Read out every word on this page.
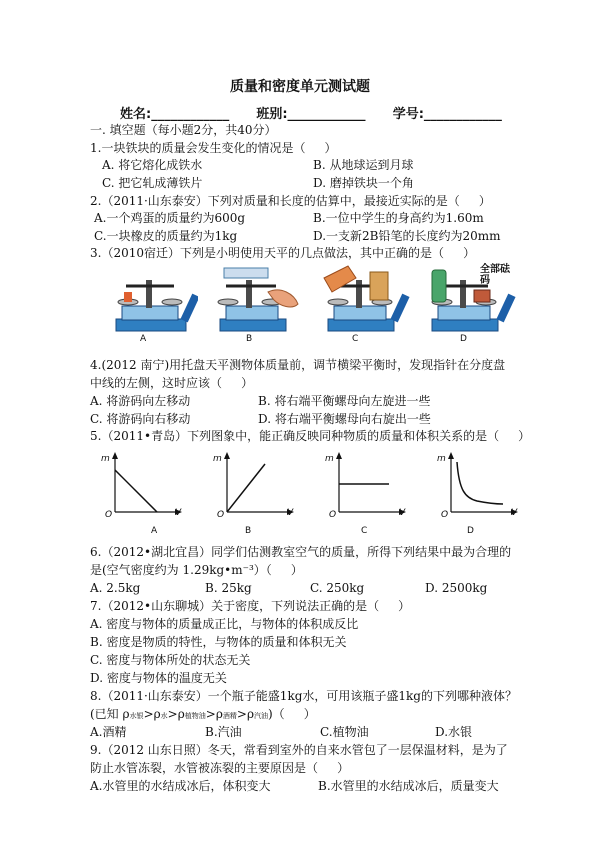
质量和密度单元测试题
姓名:____________ 班别:____________ 学号:____________
一. 填空题（每小题2分，共40分）
1.一块铁块的质量会发生变化的情况是（     ）
A. 将它熔化成铁水	B. 从地球运到月球
C. 把它轧成薄铁片	D. 磨掉铁块一个角
2.（2011·山东泰安）下列对质量和长度的估算中，最接近实际的是（     ）
A.一个鸡蛋的质量约为600g	B.一位中学生的身高约为1.60m
C.一块橡皮的质量约为1kg	D.一支新2B铅笔的长度约为20mm
3.（2010宿迁）下列是小明使用天平的几点做法，其中正确的是（     ）
A	B	C
全部砝码
D
4.(2012 南宁)用托盘天平测物体质量前，调节横梁平衡时，发现指针在分度盘
中线的左侧，这时应该（     ）
A. 将游码向左移动	B. 将右端平衡螺母向左旋进一些
C. 将游码向右移动	D. 将右端平衡螺母向右旋出一些
5.（2011•青岛）下列图象中，能正确反映同种物质的质量和体积关系的是（     ）
m
O	V
A
m
O	V
B
m
O	V
C
m
O	V
D
6.（2012•湖北宜昌）同学们估测教室空气的质量，所得下列结果中最为合理的
是(空气密度约为 1.29kg•m⁻³）（     ）
A. 2.5kg	B. 25kg	C. 250kg	D. 2500kg
7.（2012•山东聊城）关于密度，下列说法正确的是（     ）
A. 密度与物体的质量成正比，与物体的体积成反比
B. 密度是物质的特性，与物体的质量和体积无关
C. 密度与物体所处的状态无关
D. 密度与物体的温度无关
8.（2011·山东泰安）一个瓶子能盛1kg水，可用该瓶子盛1kg的下列哪种液体？
(已知 ρ水银>ρ水>ρ植物油>ρ酒精>ρ汽油)（     ）
A.酒精	B.汽油	C.植物油	D.水银
9.（2012 山东日照）冬天，常看到室外的自来水管包了一层保温材料，是为了
防止水管冻裂，水管被冻裂的主要原因是（     ）
A.水管里的水结成冰后，体积变大	B.水管里的水结成冰后，质量变大
